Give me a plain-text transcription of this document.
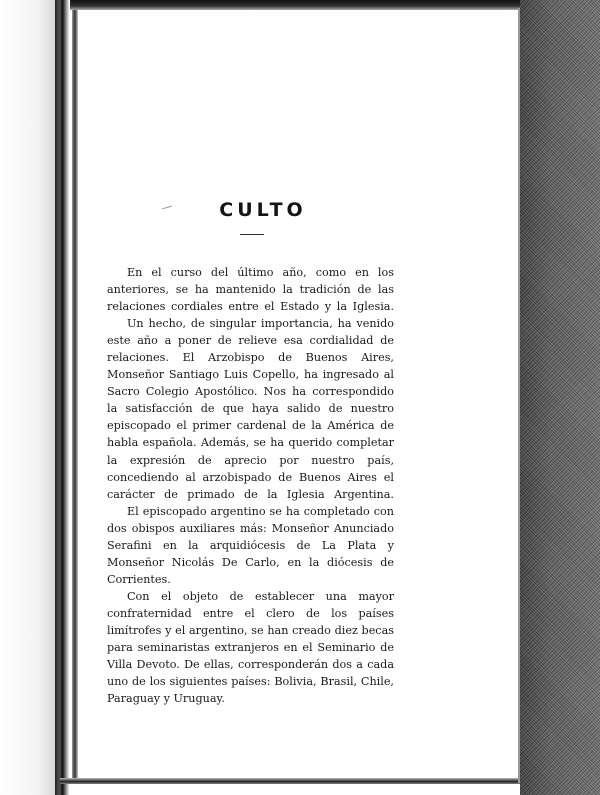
CULTO

En el curso del último año, como en los anteriores, se ha mantenido la tradición de las relaciones cordiales entre el Estado y la Iglesia.

Un hecho, de singular importancia, ha venido este año a poner de relieve esa cordialidad de relaciones. El Arzobispo de Buenos Aires, Monseñor Santiago Luis Copello, ha ingresado al Sacro Colegio Apostólico. Nos ha correspondido la satisfacción de que haya salido de nuestro episcopado el primer cardenal de la América de habla española. Además, se ha querido completar la expresión de aprecio por nuestro país, concediendo al arzobispado de Buenos Aires el carácter de primado de la Iglesia Argentina.

El episcopado argentino se ha completado con dos obispos auxiliares más: Monseñor Anunciado Serafini en la arquidiócesis de La Plata y Monseñor Nicolás De Carlo, en la diócesis de Corrientes.

Con el objeto de establecer una mayor confraternidad entre el clero de los países limítrofes y el argentino, se han creado diez becas para seminaristas extranjeros en el Seminario de Villa Devoto. De ellas, corresponderán dos a cada uno de los siguientes países: Bolivia, Brasil, Chile, Paraguay y Uruguay.
